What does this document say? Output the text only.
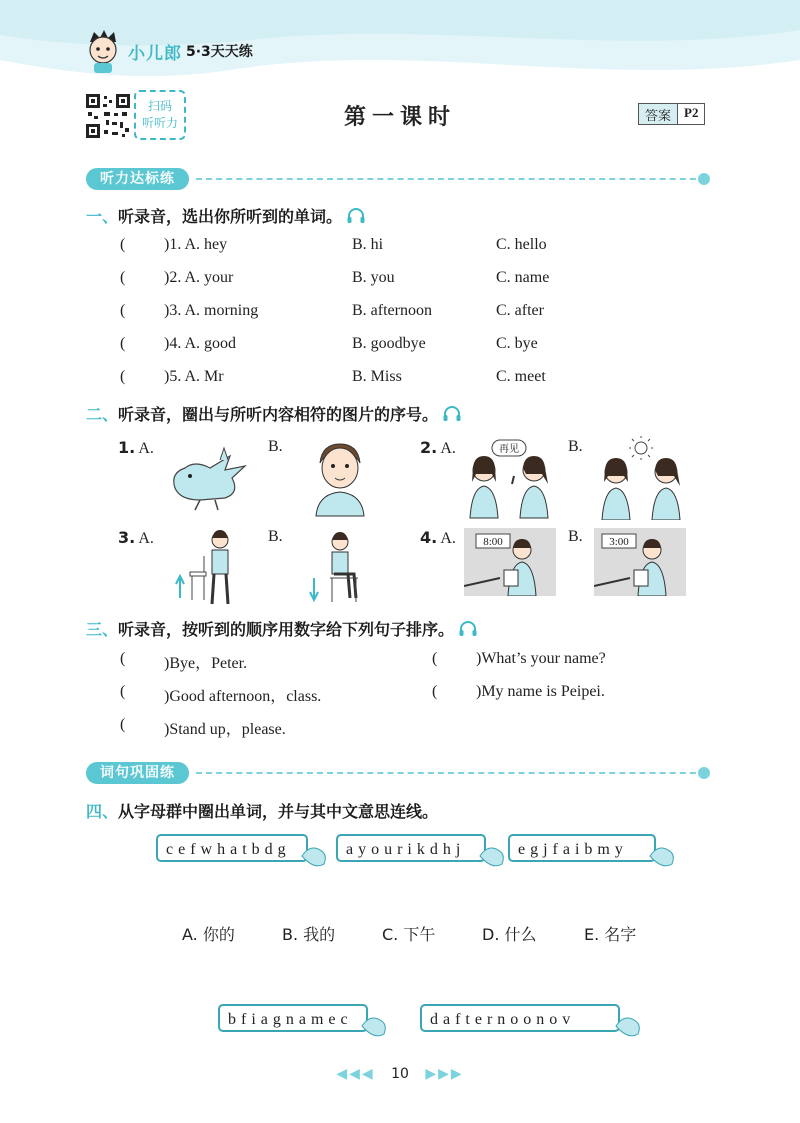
小儿郎 5·3天天练
扫码
听听力	第一课时	答案	P2
听力达标练
一、 听录音，选出你所听到的单词。
( )1. A. hey	B. hi	C. hello
( )2. A. your	B. you	C. name
( )3. A. morning	B. afternoon	C. after
( )4. A. good	B. goodbye	C. bye
( )5. A. Mr	B. Miss	C. meet
二、 听录音，圈出与所听内容相符的图片的序号。
1. A.	B.	2. A.	B.
再见
3. A.	B.	4. A.	B.
8:00	3:00
三、 听录音，按听到的顺序用数字给下列句子排序。
( )Bye，Peter.	( )What’s your name?
( )Good afternoon，class.	( )My name is Peipei.
( )Stand up，please.
词句巩固练
四、 从字母群中圈出单词，并与其中文意思连线。
cefwhatbdg	ayourikdhj	egjfaibmy
A. 你的	B. 我的	C. 下午	D. 什么	E. 名字
bfiagnamec	dafternoonov
◀◀◀ 10 ▶▶▶
